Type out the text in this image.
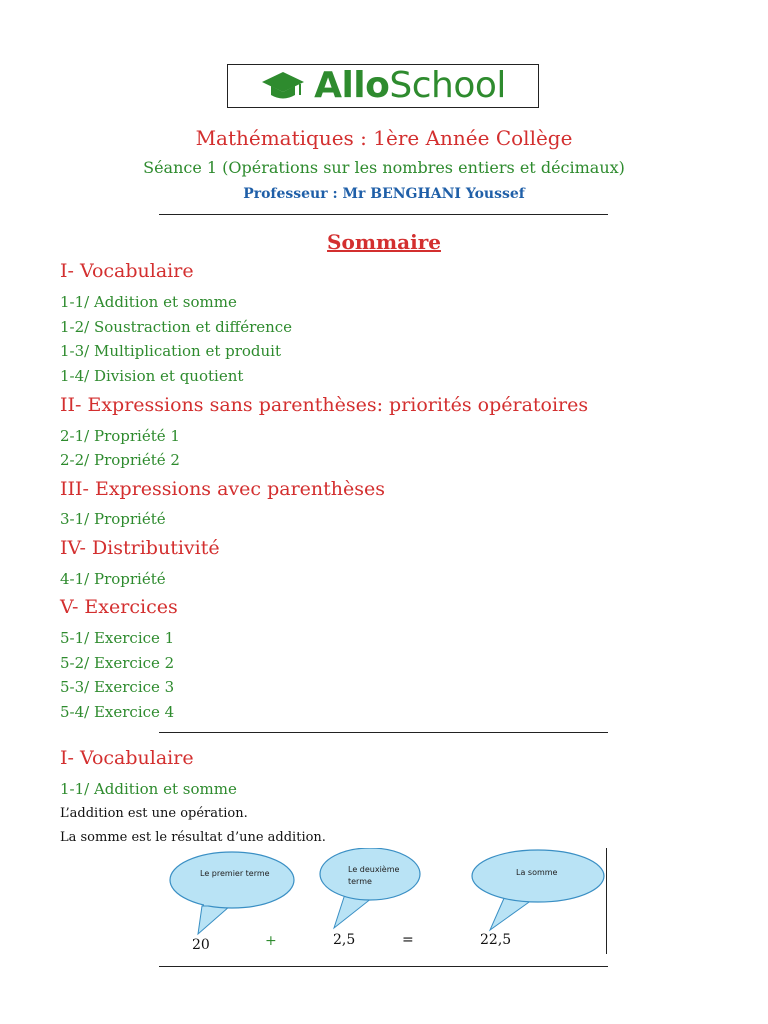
AlloSchool
Mathématiques : 1ère Année Collège
Séance 1 (Opérations sur les nombres entiers et décimaux)
Professeur : Mr BENGHANI Youssef
Sommaire
I- Vocabulaire
1-1/ Addition et somme
1-2/ Soustraction et différence
1-3/ Multiplication et produit
1-4/ Division et quotient
II- Expressions sans parenthèses: priorités opératoires
2-1/ Propriété 1
2-2/ Propriété 2
III- Expressions avec parenthèses
3-1/ Propriété
IV- Distributivité
4-1/ Propriété
V- Exercices
5-1/ Exercice 1
5-2/ Exercice 2
5-3/ Exercice 3
5-4/ Exercice 4
I- Vocabulaire
1-1/ Addition et somme
L’addition est une opération.
La somme est le résultat d’une addition.
Le premier terme	Le deuxième
terme
La somme
20	+	2,5	=	22,5
